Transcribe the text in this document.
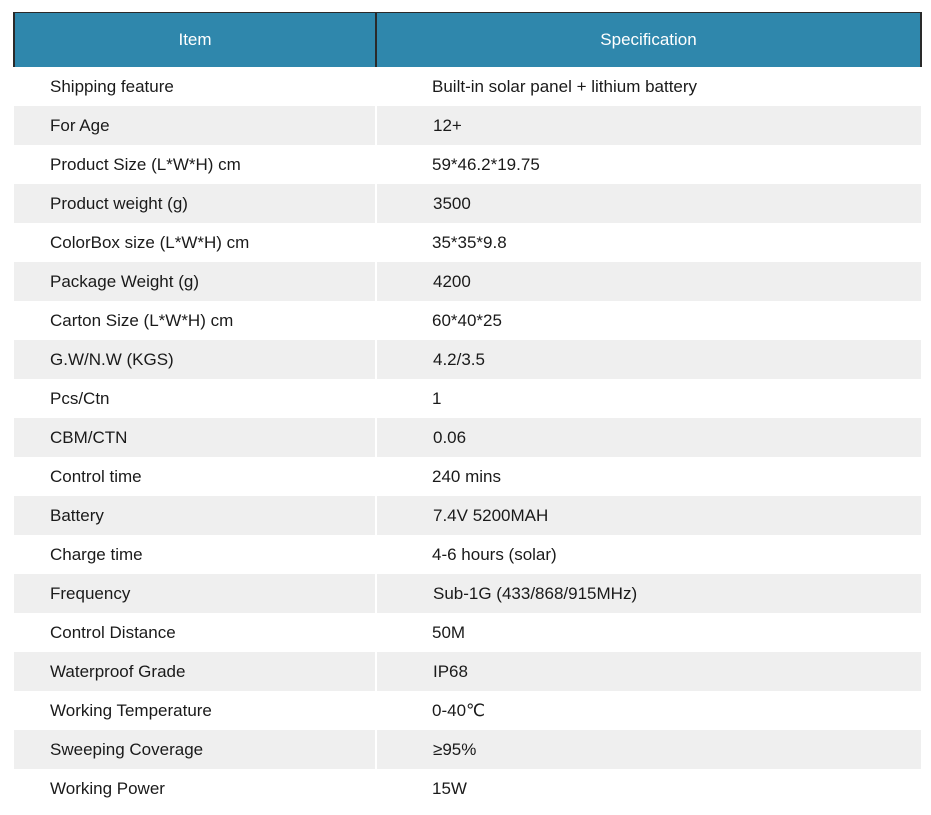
Item	Specification
Shipping feature	Built-in solar panel + lithium battery
For Age	12+
Product Size (L*W*H) cm	59*46.2*19.75
Product weight (g)	3500
ColorBox size (L*W*H) cm	35*35*9.8
Package Weight (g)	4200
Carton Size (L*W*H) cm	60*40*25
G.W/N.W (KGS)	4.2/3.5
Pcs/Ctn	1
CBM/CTN	0.06
Control time	240 mins
Battery	7.4V 5200MAH
Charge time	4-6 hours (solar)
Frequency	Sub-1G (433/868/915MHz)
Control Distance	50M
Waterproof Grade	IP68
Working Temperature	0-40℃
Sweeping Coverage	≥95%
Working Power	15W
